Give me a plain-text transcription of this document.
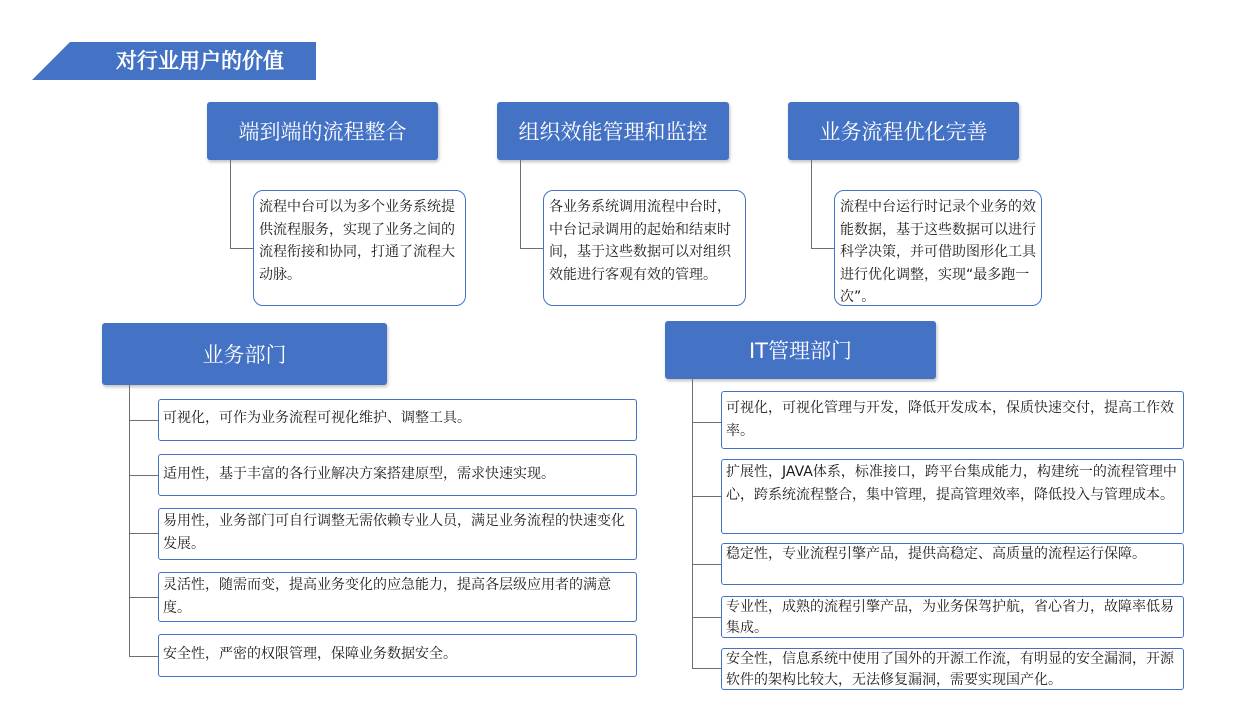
对行业用户的价值
端到端的流程整合
流程中台可以为多个业务系统提供流程服务，实现了业务之间的流程衔接和协同，打通了流程大动脉。
组织效能管理和监控
各业务系统调用流程中台时，中台记录调用的起始和结束时间，基于这些数据可以对组织效能进行客观有效的管理。
业务流程优化完善
流程中台运行时记录个业务的效能数据，基于这些数据可以进行科学决策，并可借助图形化工具进行优化调整，实现“最多跑一次”。
业务部门
可视化，可作为业务流程可视化维护、调整工具。
适用性，基于丰富的各行业解决方案搭建原型，需求快速实现。
易用性，业务部门可自行调整无需依赖专业人员，满足业务流程的快速变化发展。
灵活性，随需而变，提高业务变化的应急能力，提高各层级应用者的满意度。
安全性，严密的权限管理，保障业务数据安全。
IT管理部门
可视化，可视化管理与开发，降低开发成本，保质快速交付，提高工作效率。
扩展性，JAVA体系，标准接口，跨平台集成能力，构建统一的流程管理中心，跨系统流程整合，集中管理，提高管理效率，降低投入与管理成本。
稳定性，专业流程引擎产品，提供高稳定、高质量的流程运行保障。
专业性，成熟的流程引擎产品，为业务保驾护航，省心省力，故障率低易集成。
安全性，信息系统中使用了国外的开源工作流，有明显的安全漏洞，开源软件的架构比较大，无法修复漏洞，需要实现国产化。
